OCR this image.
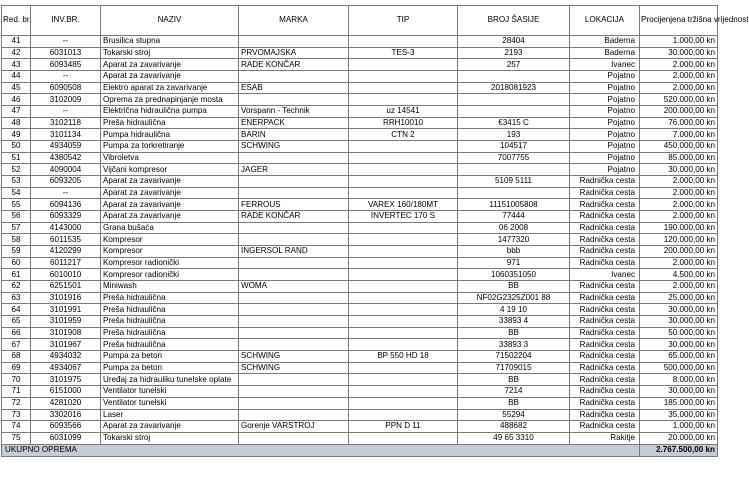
Red. br.	INV.BR.	NAZIV	MARKA	TIP	BROJ ŠASIJE	LOKACIJA	Procijenjena tržišna vrijednost
41	--	Brusilica stupna			28404	Baderna	1.000,00 kn
42	6031013	Tokarski stroj	PRVOMAJSKA	TES-3	2193	Baderna	30.000,00 kn
43	6093485	Aparat za zavarivanje	RADE KONČAR		257	Ivanec	2.000,00 kn
44	--	Aparat za zavarivanje				Pojatno	2.000,00 kn
45	6090508	Elektro aparat za zavarivanje	ESAB		2018081923	Pojatno	2.000,00 kn
46	3102009	Oprema za prednapinjanje mosta				Pojatno	520.000,00 kn
47	--	Električna hidraulična pumpa	Vorspann - Technik	uz 14541		Pojatno	200.000,00 kn
48	3102118	Preša hidraulična	ENERPACK	RRH10010	€3415 C	Pojatno	76.000,00 kn
49	3101134	Pumpa hidraulična	BARIN	CTN 2	193	Pojatno	7.000,00 kn
50	4934059	Pumpa za torkretiranje	SCHWING		104517	Pojatno	450.000,00 kn
51	4380542	Vibroletva			7007755	Pojatno	85.000,00 kn
52	4090004	Vijčani kompresor	JAGER			Pojatno	30.000,00 kn
53	6093205	Aparat za zavarivanje			5109 5111	Radnička cesta	2.000,00 kn
54	--	Aparat za zavarivanje				Radnička cesta	2.000,00 kn
55	6094136	Aparat za zavarivanje	FERROUS	VAREX 160/180MT	11151005808	Radnička cesta	2.000,00 kn
56	6093329	Aparat za zavarivanje	RADE KONČAR	INVERTEC 170 S	77444	Radnička cesta	2.000,00 kn
57	4143000	Grana bušaća			06 2008	Radnička cesta	190.000,00 kn
58	6011535	Kompresor			1477320	Radnička cesta	120.000,00 kn
59	4120299	Kompresor	INGERSOL RAND		bbb	Radnička cesta	200.000,00 kn
60	6011217	Kompresor radionički			971	Radnička cesta	2.000,00 kn
61	6010010	Kompresor radionički			1060351050	Ivanec	4.500,00 kn
62	6251501	Miniwash	WOMA		BB	Radnička cesta	2.000,00 kn
63	3101916	Preša hidraulična			NF02G2325Z001 88	Radnička cesta	25.000,00 kn
64	3101991	Preša hidraulična			4 19 10	Radnička cesta	30.000,00 kn
65	3101959	Preša hidraulična			33893 4	Radnička cesta	30.000,00 kn
66	3101908	Preša hidraulična			BB	Radnička cesta	50.000,00 kn
67	3101967	Preša hidraulična			33893 3	Radnička cesta	30.000,00 kn
68	4934032	Pumpa za beton	SCHWING	BP 550 HD 18	71502204	Radnička cesta	65.000,00 kn
69	4934067	Pumpa za beton	SCHWING		71709015	Radnička cesta	500.000,00 kn
70	3101975	Uređaj za hidrauliku tunelske oplate			BB	Radnička cesta	8.000,00 kn
71	6151000	Ventilator tunelski			7214	Radnička cesta	30.000,00 kn
72	4281020	Ventilator tunelski			BB	Radnička cesta	185.000,00 kn
73	3302016	Laser			55294	Radnička cesta	35.000,00 kn
74	6093566	Aparat za zavarivanje	Gorenje VARSTROJ	PPN D 11	488682	Radnička cesta	1.000,00 kn
75	6031099	Tokarski stroj			49 65 3310	Rakitje	20.000,00 kn
UKUPNO OPREMA							2.767.500,00 kn
